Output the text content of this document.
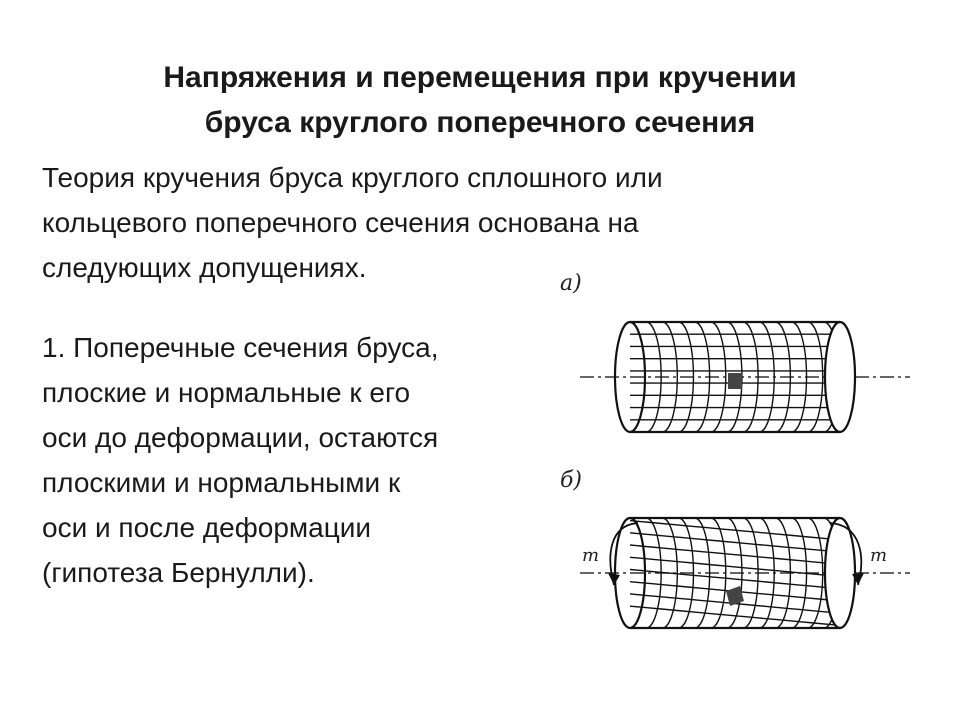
Напряжения и перемещения при кручении
бруса круглого поперечного сечения
Теория кручения бруса круглого сплошного или
кольцевого поперечного сечения основана на
следующих допущениях.
1. Поперечные сечения бруса,
плоские и нормальные к его
оси до деформации, остаются
плоскими и нормальными к
оси и после деформации
(гипотеза Бернулли).
a)
б)
m	m
